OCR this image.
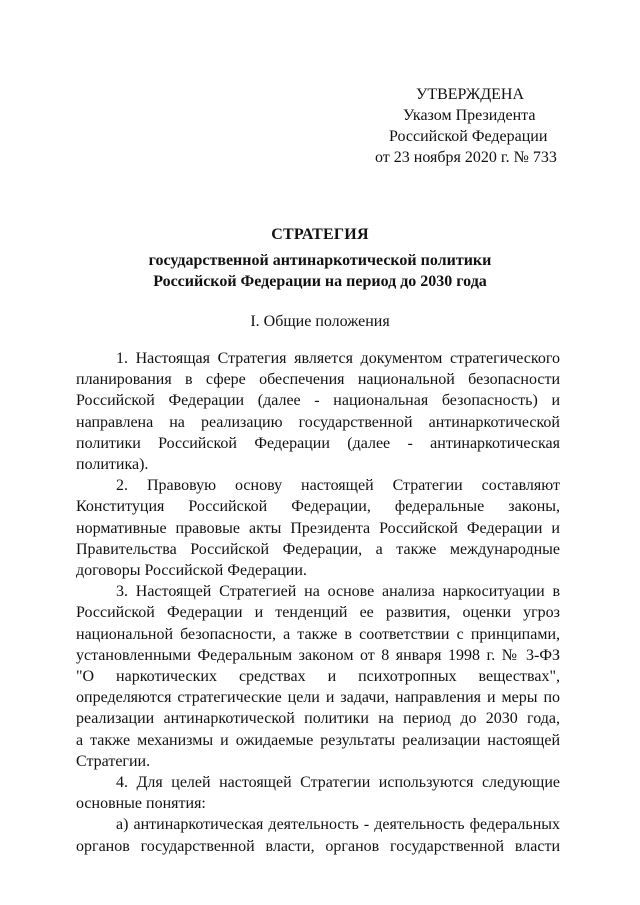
УТВЕРЖДЕНА
Указом Президента
Российской Федерации
от 23 ноября 2020 г. № 733
СТРАТЕГИЯ
государственной антинаркотической политики
Российской Федерации на период до 2030 года
I. Общие положения
1. Настоящая Стратегия является документом стратегического
планирования в сфере обеспечения национальной безопасности
Российской Федерации (далее - национальная безопасность) и
направлена на реализацию государственной антинаркотической
политики Российской Федерации (далее - антинаркотическая
политика).
2. Правовую основу настоящей Стратегии составляют
Конституция Российской Федерации, федеральные законы,
нормативные правовые акты Президента Российской Федерации и
Правительства Российской Федерации, а также международные
договоры Российской Федерации.
3. Настоящей Стратегией на основе анализа наркоситуации в
Российской Федерации и тенденций ее развития, оценки угроз
национальной безопасности, а также в соответствии с принципами,
установленными Федеральным законом от 8 января 1998 г. № 3-ФЗ
"О наркотических средствах и психотропных веществах",
определяются стратегические цели и задачи, направления и меры по
реализации антинаркотической политики на период до 2030 года,
а также механизмы и ожидаемые результаты реализации настоящей
Стратегии.
4. Для целей настоящей Стратегии используются следующие
основные понятия:
а) антинаркотическая деятельность - деятельность федеральных
органов государственной власти, органов государственной власти
